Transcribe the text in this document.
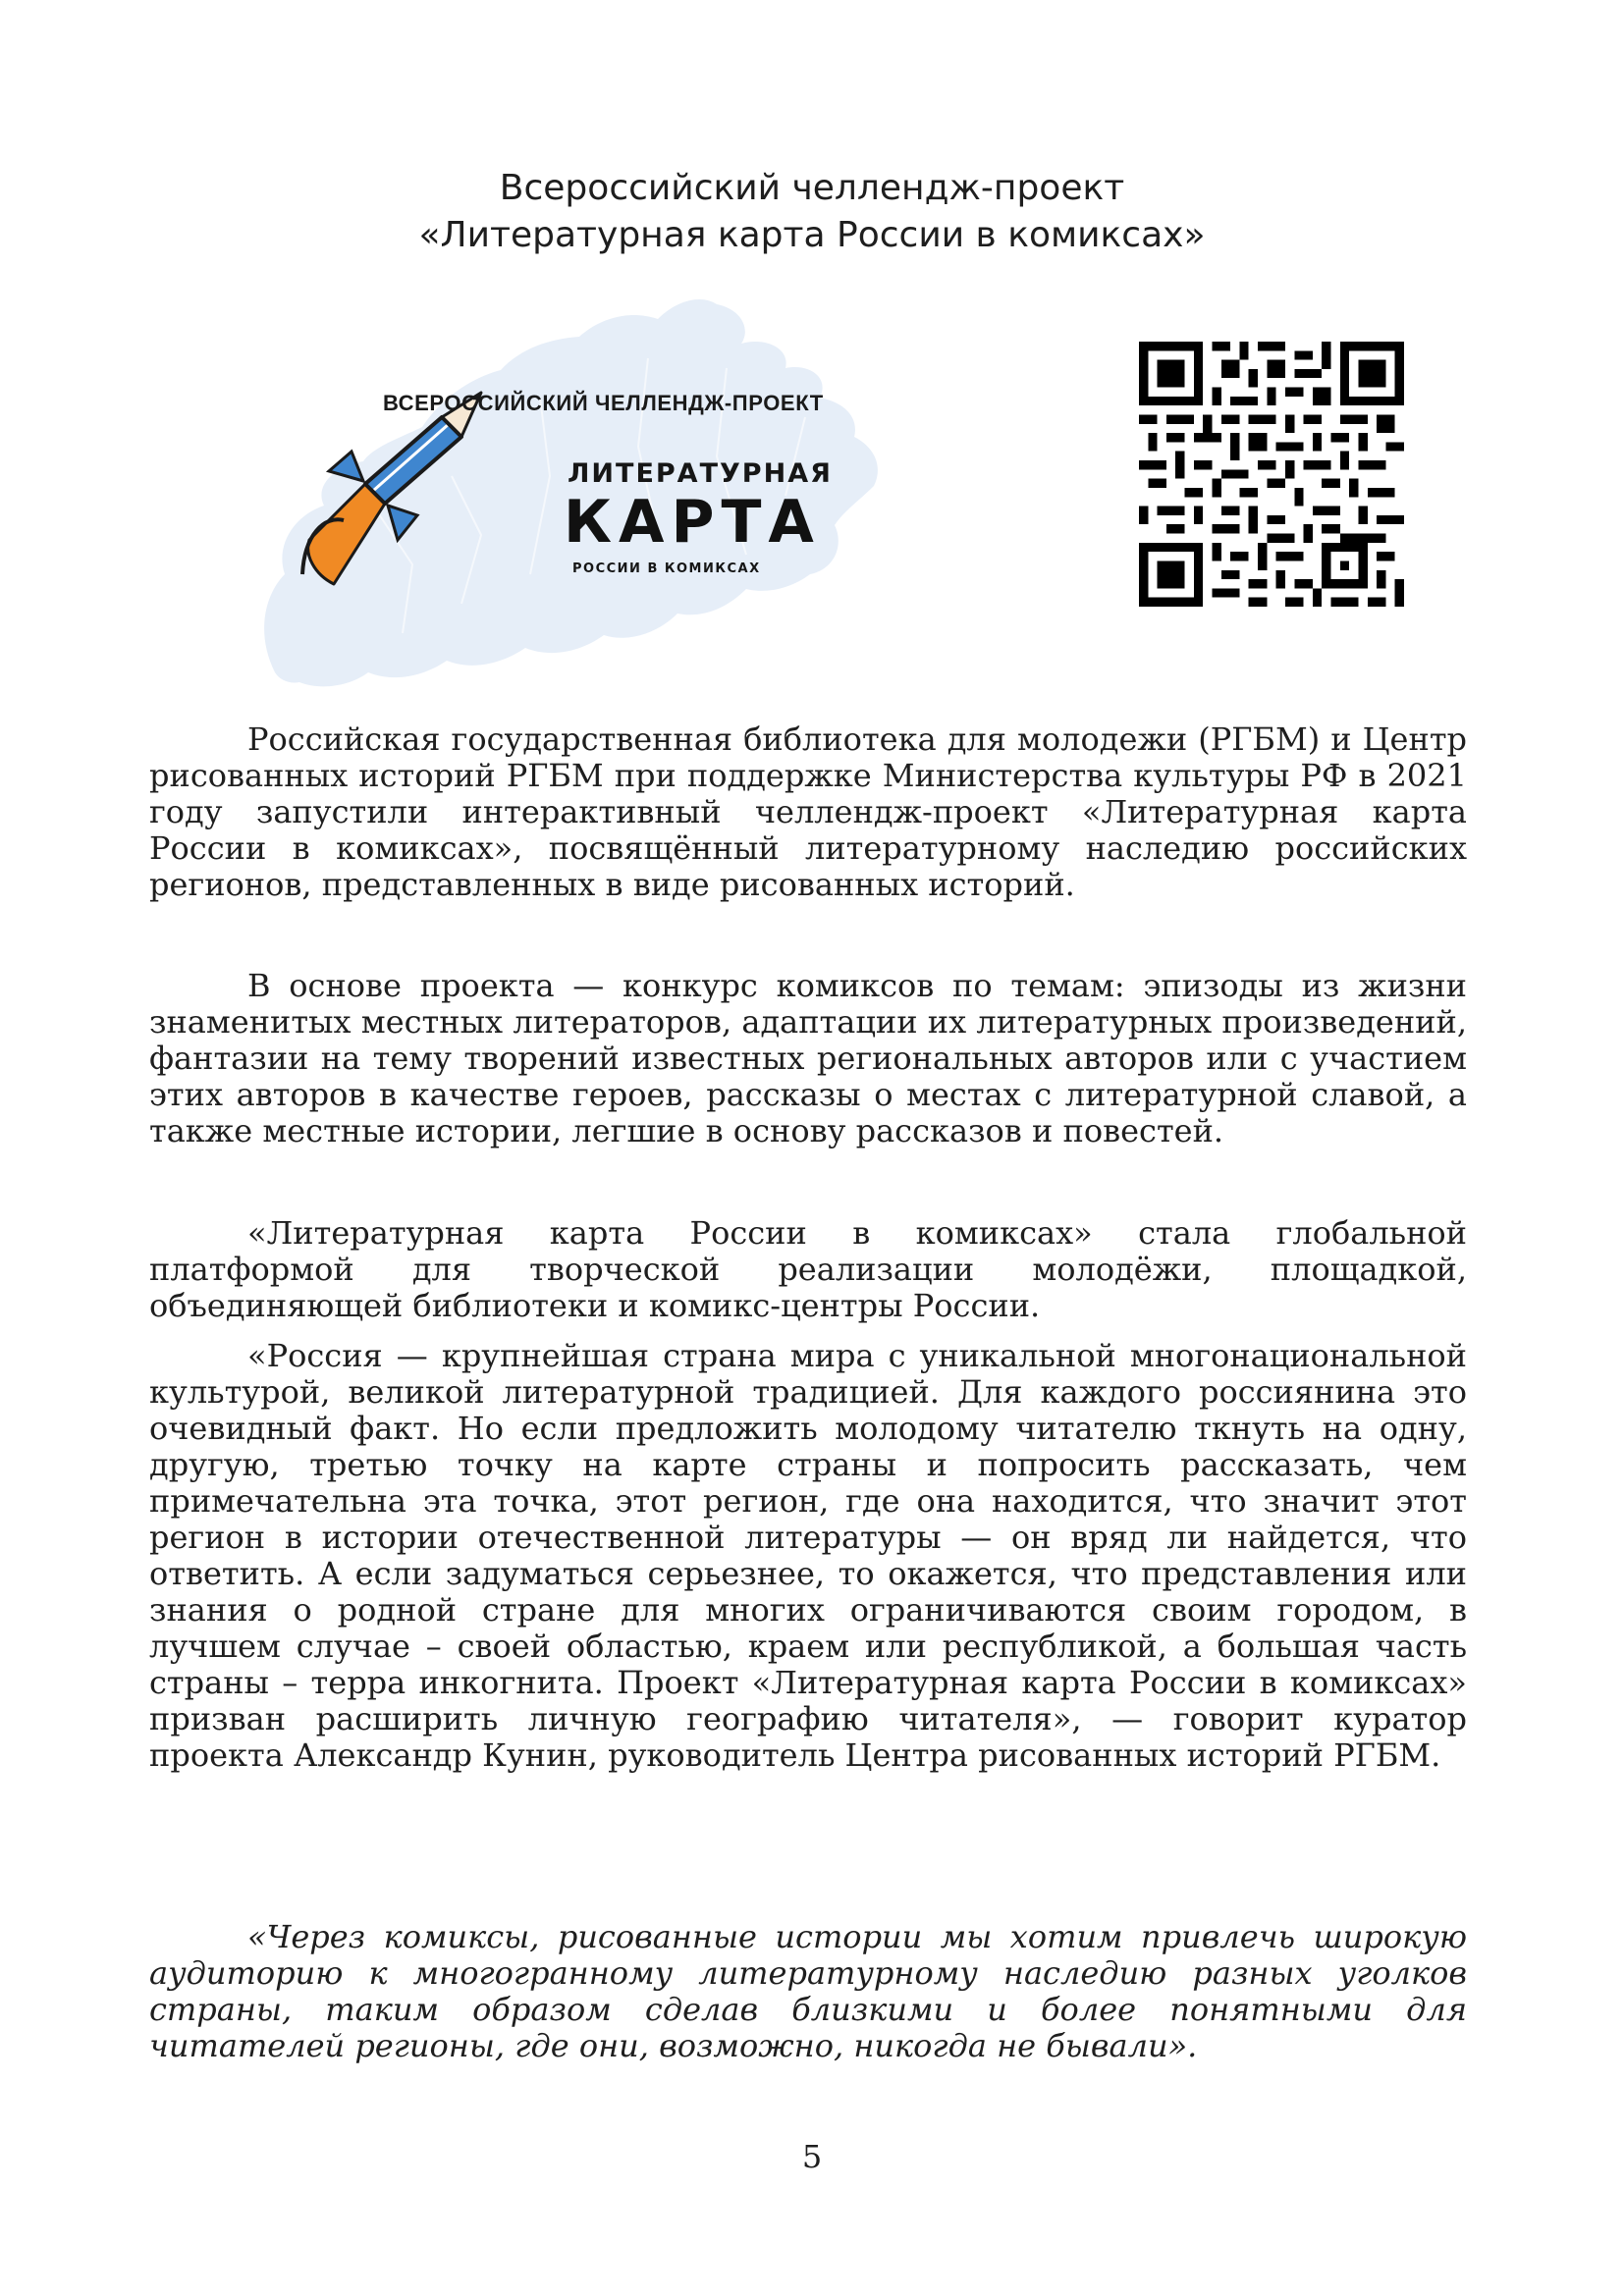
Всероссийский челлендж-проект
«Литературная карта России в комиксах»
ВСЕРОССИЙСКИЙ ЧЕЛЛЕНДЖ-ПРОЕКТ
ЛИТЕРАТУРНАЯ
КАРТА
РОССИИ В КОМИКСАХ

Российская государственная библиотека для молодежи (РГБМ) и Центр рисованных историй РГБМ при поддержке Министерства культуры РФ в 2021 году запустили интерактивный челлендж-проект «Литературная карта России в комиксах», посвящённый литературному наследию российских регионов, представленных в виде рисованных историй.

В основе проекта — конкурс комиксов по темам: эпизоды из жизни знаменитых местных литераторов, адаптации их литературных произведений, фантазии на тему творений известных региональных авторов или с участием этих авторов в качестве героев, рассказы о местах с литературной славой, а также местные истории, легшие в основу рассказов и повестей.

«Литературная карта России в комиксах» стала глобальной платформой для творческой реализации молодёжи, площадкой, объединяющей библиотеки и комикс-центры России.

«Россия — крупнейшая страна мира с уникальной многонациональной культурой, великой литературной традицией. Для каждого россиянина это очевидный факт. Но если предложить молодому читателю ткнуть на одну, другую, третью точку на карте страны и попросить рассказать, чем примечательна эта точка, этот регион, где она находится, что значит этот регион в истории отечественной литературы — он вряд ли найдется, что ответить. А если задуматься серьезнее, то окажется, что представления или знания о родной стране для многих ограничиваются своим городом, в лучшем случае – своей областью, краем или республикой, а большая часть страны – терра инкогнита. Проект «Литературная карта России в комиксах» призван расширить личную географию читателя», — говорит куратор проекта Александр Кунин, руководитель Центра рисованных историй РГБМ.

«Через комиксы, рисованные истории мы хотим привлечь широкую аудиторию к многогранному литературному наследию разных уголков страны, таким образом сделав близкими и более понятными для читателей регионы, где они, возможно, никогда не бывали».

5
